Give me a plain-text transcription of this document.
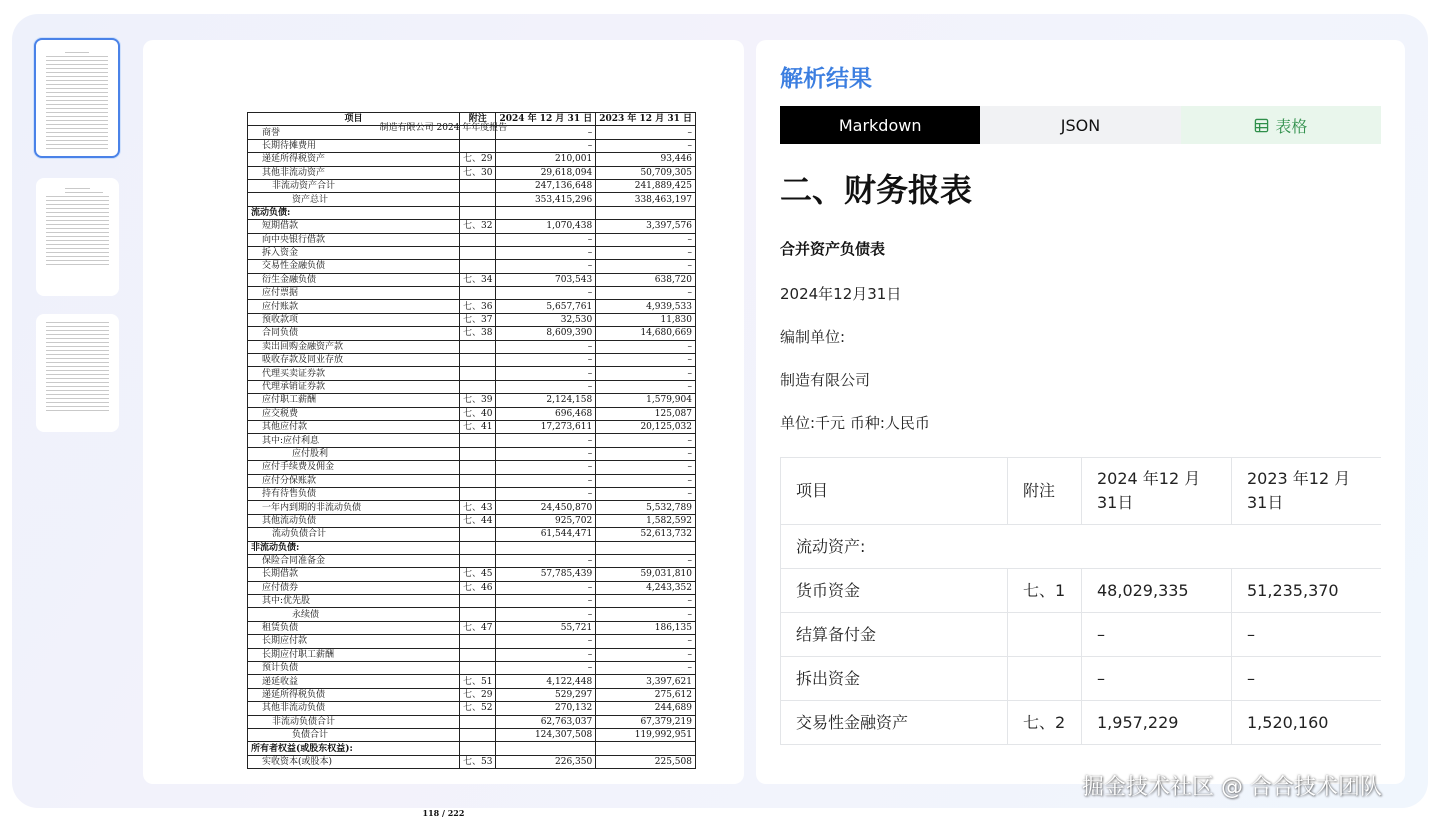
制造有限公司 2024 年年度报告
项目	附注	2024 年 12 月 31 日	2023 年 12 月 31 日
商誉		–	–
长期待摊费用		–	–
递延所得税资产	七、29	210,001	93,446
其他非流动资产	七、30	29,618,094	50,709,305
非流动资产合计		247,136,648	241,889,425
资产总计		353,415,296	338,463,197
流动负债:			
短期借款	七、32	1,070,438	3,397,576
向中央银行借款		–	–
拆入资金		–	–
交易性金融负债		–	–
衍生金融负债	七、34	703,543	638,720
应付票据		–	–
应付账款	七、36	5,657,761	4,939,533
预收款项	七、37	32,530	11,830
合同负债	七、38	8,609,390	14,680,669
卖出回购金融资产款		–	–
吸收存款及同业存放		–	–
代理买卖证券款		–	–
代理承销证券款		–	–
应付职工薪酬	七、39	2,124,158	1,579,904
应交税费	七、40	696,468	125,087
其他应付款	七、41	17,273,611	20,125,032
其中:应付利息		–	–
应付股利		–	–
应付手续费及佣金		–	–
应付分保账款		–	–
持有待售负债		–	–
一年内到期的非流动负债	七、43	24,450,870	5,532,789
其他流动负债	七、44	925,702	1,582,592
流动负债合计		61,544,471	52,613,732
非流动负债:			
保险合同准备金		–	–
长期借款	七、45	57,785,439	59,031,810
应付债券	七、46	–	4,243,352
其中:优先股		–	–
永续债		–	–
租赁负债	七、47	55,721	186,135
长期应付款		–	–
长期应付职工薪酬		–	–
预计负债		–	–
递延收益	七、51	4,122,448	3,397,621
递延所得税负债	七、29	529,297	275,612
其他非流动负债	七、52	270,132	244,689
非流动负债合计		62,763,037	67,379,219
负债合计		124,307,508	119,992,951
所有者权益(或股东权益):			
实收资本(或股本)	七、53	226,350	225,508
118 / 222
解析结果
Markdown	JSON	表格
二、财务报表
合并资产负债表
2024年12月31日
编制单位:
制造有限公司
单位:千元 币种:人民币
项目	附注	2024 年12 月31日	2023 年12 月31日
流动资产:			
货币资金	七、1	48,029,335	51,235,370
结算备付金		–	–
拆出资金		–	–
交易性金融资产	七、2	1,957,229	1,520,160
掘金技术社区 @ 合合技术团队
